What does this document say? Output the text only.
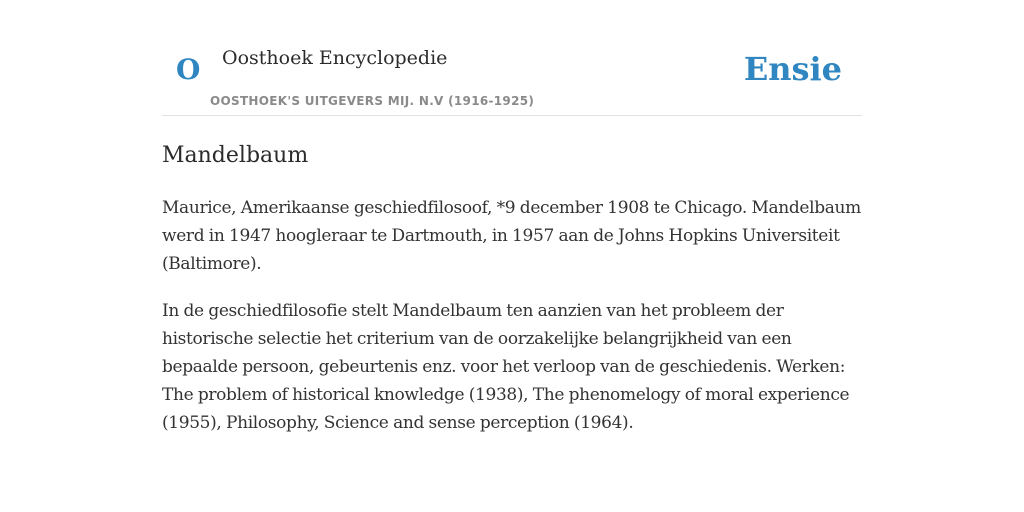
O Oosthoek Encyclopedie
OOSTHOEK'S UITGEVERS MIJ. N.V (1916-1925)
Ensie
Mandelbaum

Maurice, Amerikaanse geschiedfilosoof, *9 december 1908 te Chicago. Mandelbaum werd in 1947 hoogleraar te Dartmouth, in 1957 aan de Johns Hopkins Universiteit (Baltimore).

In de geschiedfilosofie stelt Mandelbaum ten aanzien van het probleem der historische selectie het criterium van de oorzakelijke belangrijkheid van een bepaalde persoon, gebeurtenis enz. voor het verloop van de geschiedenis. Werken: The problem of historical knowledge (1938), The phenomelogy of moral experience (1955), Philosophy, Science and sense perception (1964).
